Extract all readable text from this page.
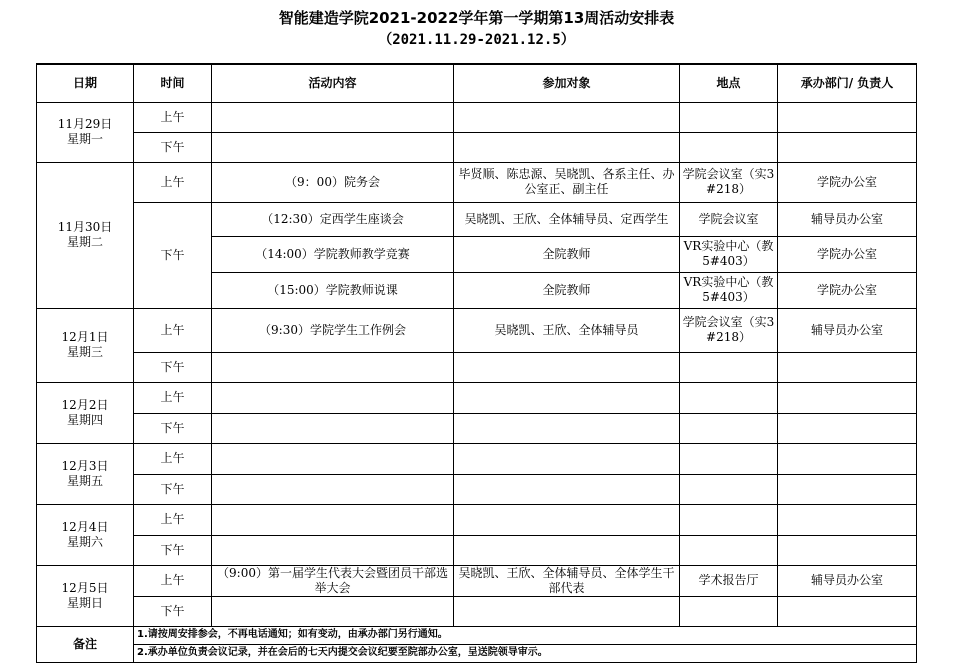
智能建造学院2021-2022学年第一学期第13周活动安排表
（2021.11.29-2021.12.5）
日期	时间	活动内容	参加对象	地点	承办部门/ 负责人

11月29日
星期一	上午				
	下午				

11月30日
星期二	上午	（9：00）院务会	毕贤顺、陈忠源、吴晓凯、各系主任、办公室正、副主任	学院会议室（实3#218）	学院办公室
	下午	（12:30）定西学生座谈会	吴晓凯、王欣、全体辅导员、定西学生	学院会议室	辅导员办公室
		（14:00）学院教师教学竞赛	全院教师	VR实验中心（教5#403）	学院办公室
		（15:00）学院教师说课	全院教师	VR实验中心（教5#403）	学院办公室

12月1日
星期三	上午	（9:30）学院学生工作例会	吴晓凯、王欣、全体辅导员	学院会议室（实3#218）	辅导员办公室
	下午				

12月2日
星期四	上午				
	下午				

12月3日
星期五	上午				
	下午				

12月4日
星期六	上午				
	下午				

12月5日
星期日	上午	（9:00）第一届学生代表大会暨团员干部选举大会	吴晓凯、王欣、全体辅导员、全体学生干部代表	学术报告厅	辅导员办公室
	下午				
备注	1.请按周安排参会，不再电话通知；如有变动，由承办部门另行通知。				
	2.承办单位负责会议记录，并在会后的七天内提交会议纪要至院部办公室，呈送院领导审示。				
